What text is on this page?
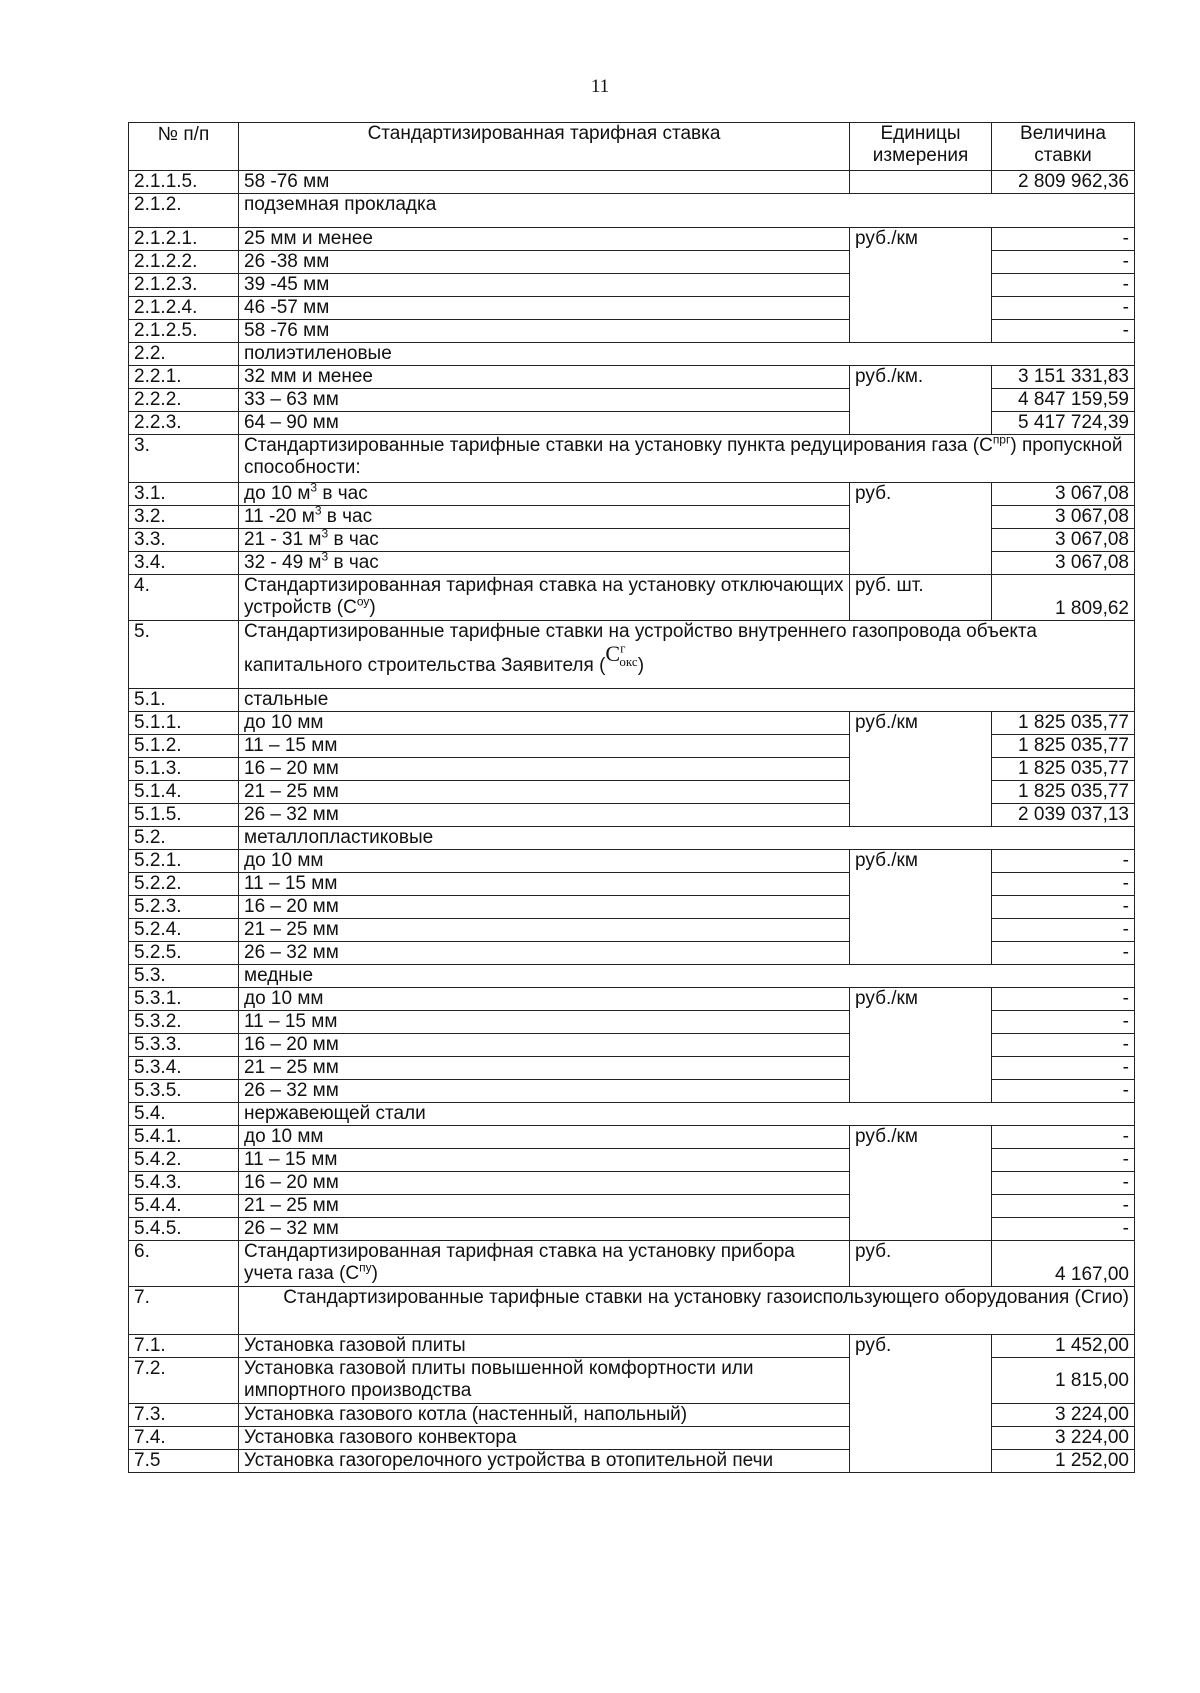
11
№ п/п	Стандартизированная тарифная ставка	Единицы измерения	Величина ставки
2.1.1.5.	58 -76 мм		2 809 962,36
2.1.2.	подземная прокладка		
2.1.2.1.	25 мм и менее	руб./км	-
2.1.2.2.	26 -38 мм		-
2.1.2.3.	39 -45 мм		-
2.1.2.4.	46 -57 мм		-
2.1.2.5.	58 -76 мм		-
2.2.	полиэтиленовые		
2.2.1.	32 мм и менее	руб./км.	3 151 331,83
2.2.2.	33 – 63 мм		4 847 159,59
2.2.3.	64 – 90 мм		5 417 724,39
3.	Стандартизированные тарифные ставки на установку пункта редуцирования газа $(С^{прг})$ пропускной способности:		
3.1.	до 10 $м^3$ в час	руб.	3 067,08
3.2.	11 -20 $м^3$ в час		3 067,08
3.3.	21 - 31 $м^3$ в час		3 067,08
3.4.	32 - 49 $м^3$ в час		3 067,08
4.	Стандартизированная тарифная ставка на установку отключающих устройств $(С^{оу})$	руб. шт.	1 809,62
5.	Стандартизированные тарифные ставки на устройство внутреннего газопровода объекта
капитального строительства Заявителя $(С^г_{окс})$		

5.1.	стальные		
5.1.1.	до 10 мм	руб./км	1 825 035,77
5.1.2.	11 – 15 мм		1 825 035,77
5.1.3.	16 – 20 мм		1 825 035,77
5.1.4.	21 – 25 мм		1 825 035,77
5.1.5.	26 – 32 мм		2 039 037,13
5.2.	металлопластиковые		
5.2.1.	до 10 мм	руб./км	-
5.2.2.	11 – 15 мм		-
5.2.3.	16 – 20 мм		-
5.2.4.	21 – 25 мм		-
5.2.5.	26 – 32 мм		-
5.3.	медные		
5.3.1.	до 10 мм	руб./км	-
5.3.2.	11 – 15 мм		-
5.3.3.	16 – 20 мм		-
5.3.4.	21 – 25 мм		-
5.3.5.	26 – 32 мм		-
5.4.	нержавеющей стали		
5.4.1.	до 10 мм	руб./км	-
5.4.2.	11 – 15 мм		-
5.4.3.	16 – 20 мм		-
5.4.4.	21 – 25 мм		-
5.4.5.	26 – 32 мм		-
6.	Стандартизированная тарифная ставка на установку прибора учета газа $(С^{пу})$	руб.	4 167,00
7.	Стандартизированные тарифные ставки на установку газоиспользующего оборудования (Сгио)		
7.1.	Установка газовой плиты	руб.	1 452,00
7.2.	Установка газовой плиты повышенной комфортности или импортного производства		1 815,00
7.3.	Установка газового котла (настенный, напольный)		3 224,00
7.4.	Установка газового конвектора		3 224,00
7.5	Установка газогорелочного устройства в отопительной печи		1 252,00
